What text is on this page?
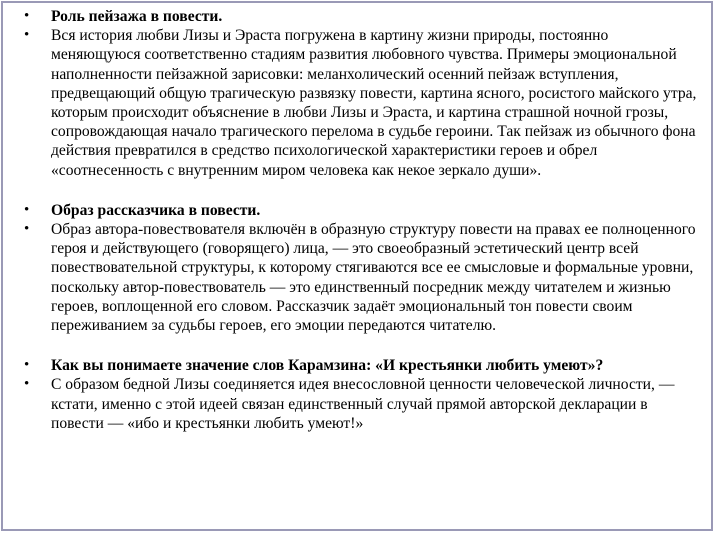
• Роль пейзажа в повести.
• Вся история любви Лизы и Эраста погружена в картину жизни природы, постоянно меняющуюся соответственно стадиям развития любовного чувства. Примеры эмоциональной наполненности пейзажной зарисовки: меланхолический осенний пейзаж вступления, предвещающий общую трагическую развязку повести, картина ясного, росистого майского утра, которым происходит объяснение в любви Лизы и Эраста, и картина страшной ночной грозы, сопровождающая начало трагического перелома в судьбе героини. Так пейзаж из обычного фона действия превратился в средство психологической характеристики героев и обрел «соотнесенность с внутренним миром человека как некое зеркало души».
• Образ рассказчика в повести.
• Образ автора-повествователя включён в образную структуру повести на правах ее полноценного героя и действующего (говорящего) лица, — это своеобразный эстетический центр всей повествовательной структуры, к которому стягиваются все ее смысловые и формальные уровни, поскольку автор-повествователь — это единственный посредник между читателем и жизнью героев, воплощенной его словом. Рассказчик задаёт эмоциональный тон повести своим переживанием за судьбы героев, его эмоции передаются читателю.
• Как вы понимаете значение слов Карамзина: «И крестьянки любить умеют»?
• С образом бедной Лизы соединяется идея внесословной ценности человеческой личности, — кстати, именно с этой идеей связан единственный случай прямой авторской декларации в повести — «ибо и крестьянки любить умеют!»
